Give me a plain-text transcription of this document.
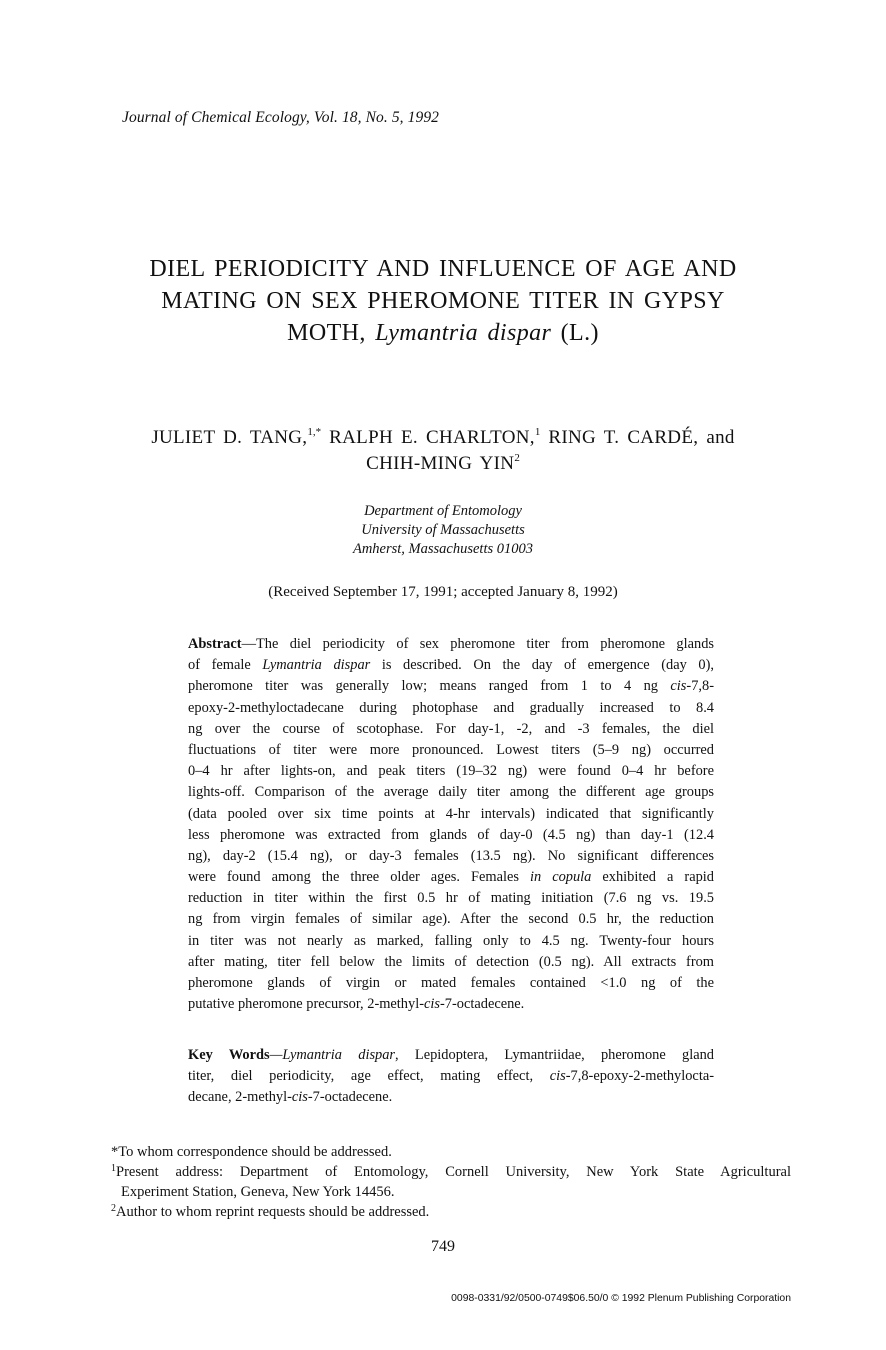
Journal of Chemical Ecology, Vol. 18, No. 5, 1992
DIEL PERIODICITY AND INFLUENCE OF AGE AND
MATING ON SEX PHEROMONE TITER IN GYPSY
MOTH, Lymantria dispar (L.)
JULIET D. TANG,$^{1,*}$ RALPH E. CHARLTON,$^1$ RING T. CARDÉ, and
CHIH-MING YIN$^2$
Department of Entomology
University of Massachusetts
Amherst, Massachusetts 01003
(Received September 17, 1991; accepted January 8, 1992)
Abstract—The diel periodicity of sex pheromone titer from pheromone glands
of female Lymantria dispar is described. On the day of emergence (day 0),
pheromone titer was generally low; means ranged from 1 to 4 ng cis-7,8-
epoxy-2-methyloctadecane during photophase and gradually increased to 8.4
ng over the course of scotophase. For day-1, -2, and -3 females, the diel
fluctuations of titer were more pronounced. Lowest titers (5–9 ng) occurred
0–4 hr after lights-on, and peak titers (19–32 ng) were found 0–4 hr before
lights-off. Comparison of the average daily titer among the different age groups
(data pooled over six time points at 4-hr intervals) indicated that significantly
less pheromone was extracted from glands of day-0 (4.5 ng) than day-1 (12.4
ng), day-2 (15.4 ng), or day-3 females (13.5 ng). No significant differences
were found among the three older ages. Females in copula exhibited a rapid
reduction in titer within the first 0.5 hr of mating initiation (7.6 ng vs. 19.5
ng from virgin females of similar age). After the second 0.5 hr, the reduction
in titer was not nearly as marked, falling only to 4.5 ng. Twenty-four hours
after mating, titer fell below the limits of detection (0.5 ng). All extracts from
pheromone glands of virgin or mated females contained <1.0 ng of the
putative pheromone precursor, 2-methyl-cis-7-octadecene.
Key Words—Lymantria dispar, Lepidoptera, Lymantriidae, pheromone gland
titer, diel periodicity, age effect, mating effect, cis-7,8-epoxy-2-methylocta-
decane, 2-methyl-cis-7-octadecene.
*To whom correspondence should be addressed.
$^1$Present address: Department of Entomology, Cornell University, New York State Agricultural
Experiment Station, Geneva, New York 14456.
$^2$Author to whom reprint requests should be addressed.
749
0098-0331/92/0500-0749$06.50/0 © 1992 Plenum Publishing Corporation
